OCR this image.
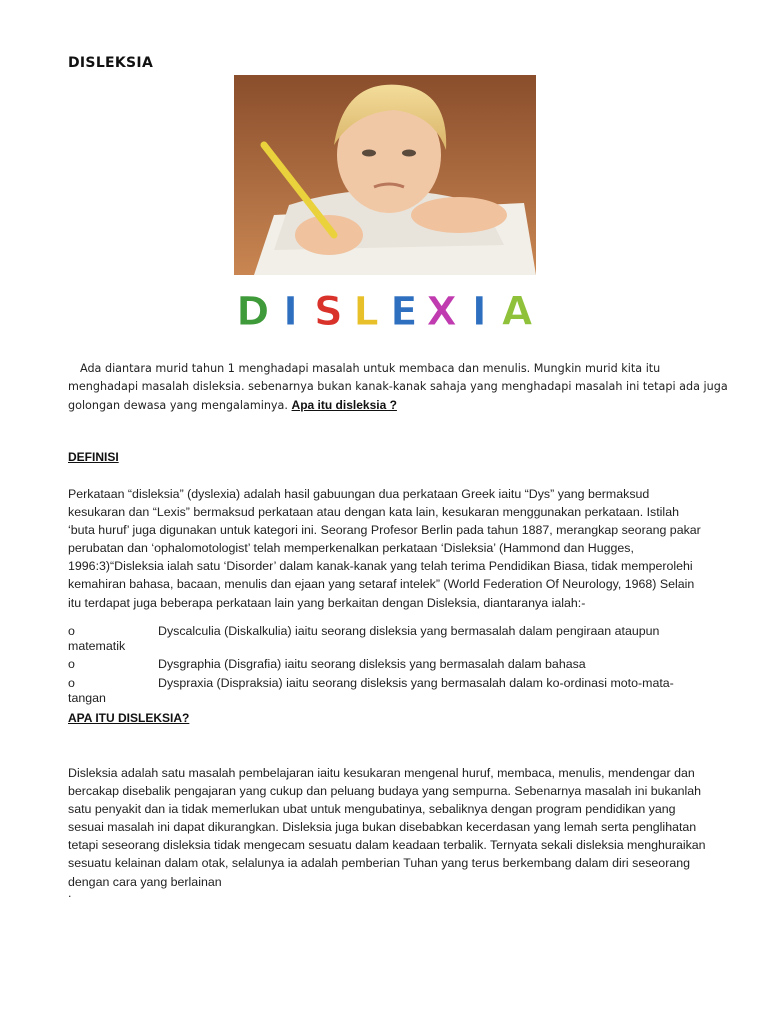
DISLEKSIA
D I S L E X I A

Ada diantara murid tahun 1 menghadapi masalah untuk membaca dan menulis. Mungkin murid kita itu menghadapi masalah disleksia. sebenarnya bukan kanak-kanak sahaja yang menghadapi masalah ini tetapi ada juga golongan dewasa yang mengalaminya. Apa itu disleksia ?

DEFINISI

Perkataan “disleksia” (dyslexia) adalah hasil gabuungan dua perkataan Greek iaitu “Dys” yang bermaksud kesukaran dan “Lexis” bermaksud perkataan atau dengan kata lain, kesukaran menggunakan perkataan. Istilah ‘buta huruf’ juga digunakan untuk kategori ini. Seorang Profesor Berlin pada tahun 1887, merangkap seorang pakar perubatan dan ‘ophalomotologist’ telah memperkenalkan perkataan ‘Disleksia’ (Hammond dan Hugges, 1996:3)“Disleksia ialah satu ‘Disorder’ dalam kanak-kanak yang telah terima Pendidikan Biasa, tidak memperolehi kemahiran bahasa, bacaan, menulis dan ejaan yang setaraf intelek” (World Federation Of Neurology, 1968) Selain itu terdapat juga beberapa perkataan lain yang berkaitan dengan Disleksia, diantaranya ialah:-

o	Dyscalculia (Diskalkulia) iaitu seorang disleksia yang bermasalah dalam pengiraan ataupun matematik
o	Dysgraphia (Disgrafia) iaitu seorang disleksis yang bermasalah dalam bahasa
o	Dyspraxia (Dispraksia) iaitu seorang disleksis yang bermasalah dalam ko-ordinasi moto-mata-tangan
APA ITU DISLEKSIA?

Disleksia adalah satu masalah pembelajaran iaitu kesukaran mengenal huruf, membaca, menulis, mendengar dan bercakap disebalik pengajaran yang cukup dan peluang budaya yang sempurna. Sebenarnya masalah ini bukanlah satu penyakit dan ia tidak memerlukan ubat untuk mengubatinya, sebaliknya dengan program pendidikan yang sesuai masalah ini dapat dikurangkan. Disleksia juga bukan disebabkan kecerdasan yang lemah serta penglihatan tetapi seseorang disleksia tidak mengecam sesuatu dalam keadaan terbalik. Ternyata sekali disleksia menghuraikan sesuatu kelainan dalam otak, selalunya ia adalah pemberian Tuhan yang terus berkembang dalam diri seseorang dengan cara yang berlainan

.
